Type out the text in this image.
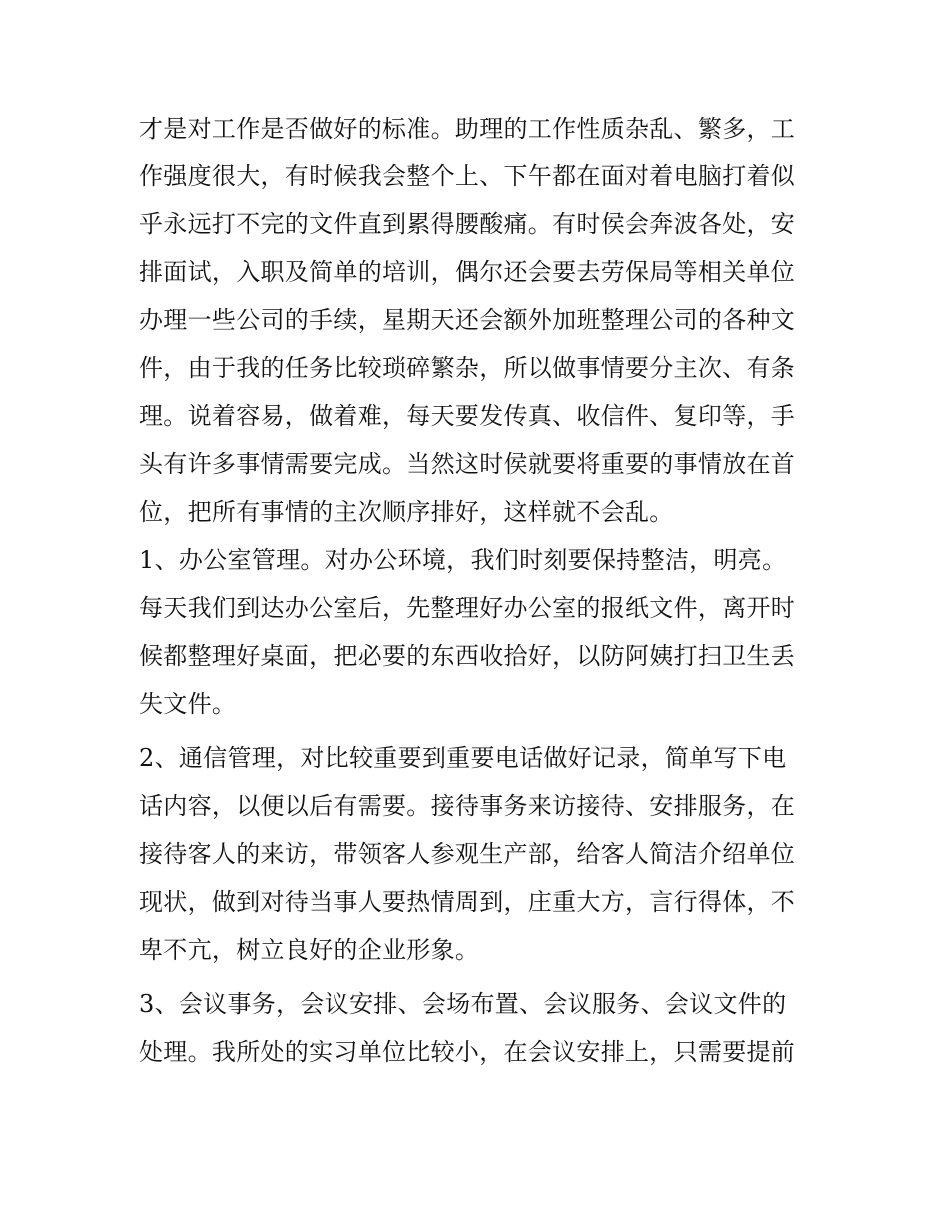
才是对工作是否做好的标准。助理的工作性质杂乱、繁多，工
作强度很大，有时候我会整个上、下午都在面对着电脑打着似
乎永远打不完的文件直到累得腰酸痛。有时侯会奔波各处，安
排面试，入职及简单的培训，偶尔还会要去劳保局等相关单位
办理一些公司的手续，星期天还会额外加班整理公司的各种文
件，由于我的任务比较琐碎繁杂，所以做事情要分主次、有条
理。说着容易，做着难，每天要发传真、收信件、复印等，手
头有许多事情需要完成。当然这时侯就要将重要的事情放在首
位，把所有事情的主次顺序排好，这样就不会乱。
1、办公室管理。对办公环境，我们时刻要保持整洁，明亮。
每天我们到达办公室后，先整理好办公室的报纸文件，离开时
候都整理好桌面，把必要的东西收拾好，以防阿姨打扫卫生丢
失文件。
2、通信管理，对比较重要到重要电话做好记录，简单写下电
话内容，以便以后有需要。接待事务来访接待、安排服务，在
接待客人的来访，带领客人参观生产部，给客人简洁介绍单位
现状，做到对待当事人要热情周到，庄重大方，言行得体，不
卑不亢，树立良好的企业形象。
3、会议事务，会议安排、会场布置、会议服务、会议文件的
处理。我所处的实习单位比较小，在会议安排上，只需要提前
